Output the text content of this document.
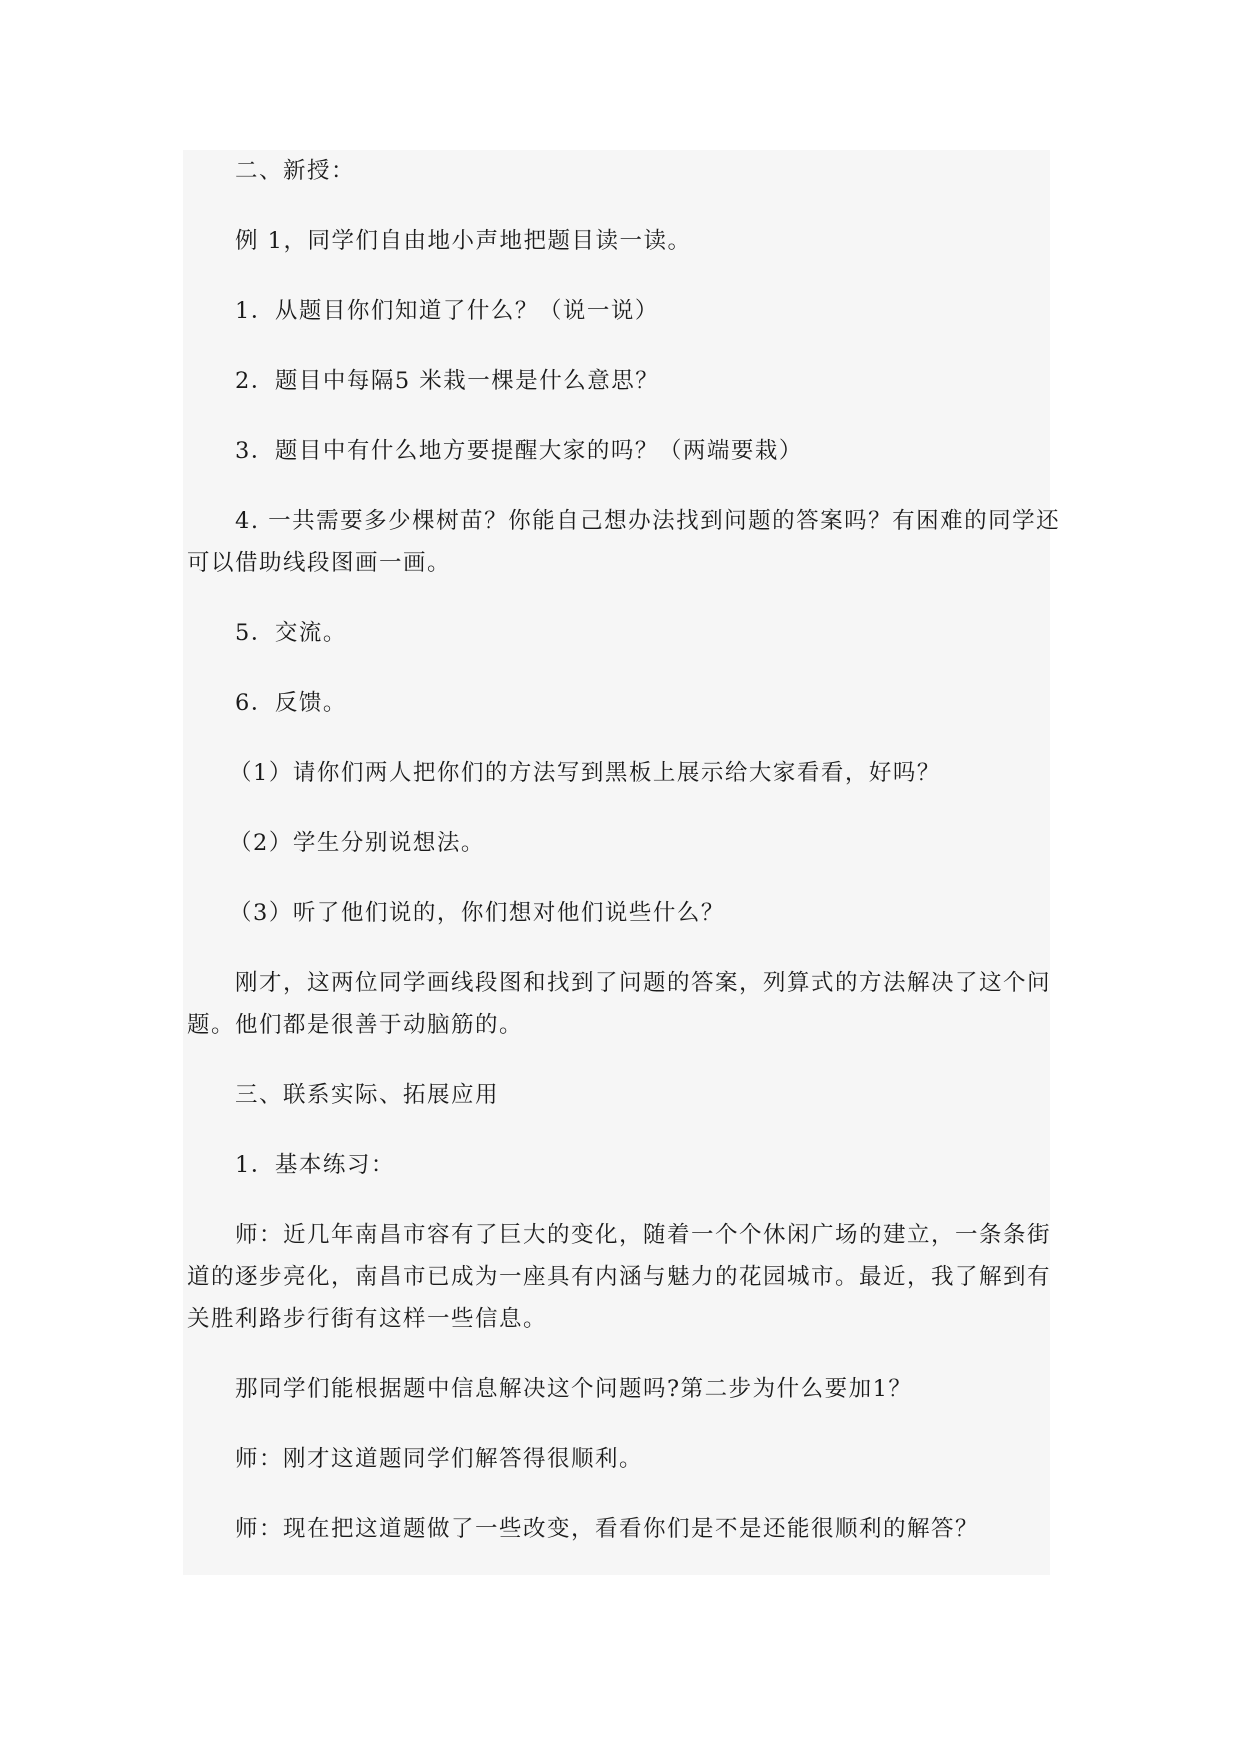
二、新授：

例 1，同学们自由地小声地把题目读一读。

1．从题目你们知道了什么？（说一说）

2．题目中每隔5 米栽一棵是什么意思？

3．题目中有什么地方要提醒大家的吗？（两端要栽）

4. 一共需要多少棵树苗？你能自己想办法找到问题的答案吗？有困难的同学还
可以借助线段图画一画。

5．交流。

6．反馈。

（1）请你们两人把你们的方法写到黑板上展示给大家看看，好吗？

（2）学生分别说想法。

（3）听了他们说的，你们想对他们说些什么？

刚才，这两位同学画线段图和找到了问题的答案，列算式的方法解决了这个问
题。他们都是很善于动脑筋的。

三、联系实际、拓展应用

1．基本练习：

师：近几年南昌市容有了巨大的变化，随着一个个休闲广场的建立，一条条街
道的逐步亮化，南昌市已成为一座具有内涵与魅力的花园城市。最近，我了解到有
关胜利路步行街有这样一些信息。

那同学们能根据题中信息解决这个问题吗?第二步为什么要加1？

师：刚才这道题同学们解答得很顺利。

师：现在把这道题做了一些改变，看看你们是不是还能很顺利的解答？
